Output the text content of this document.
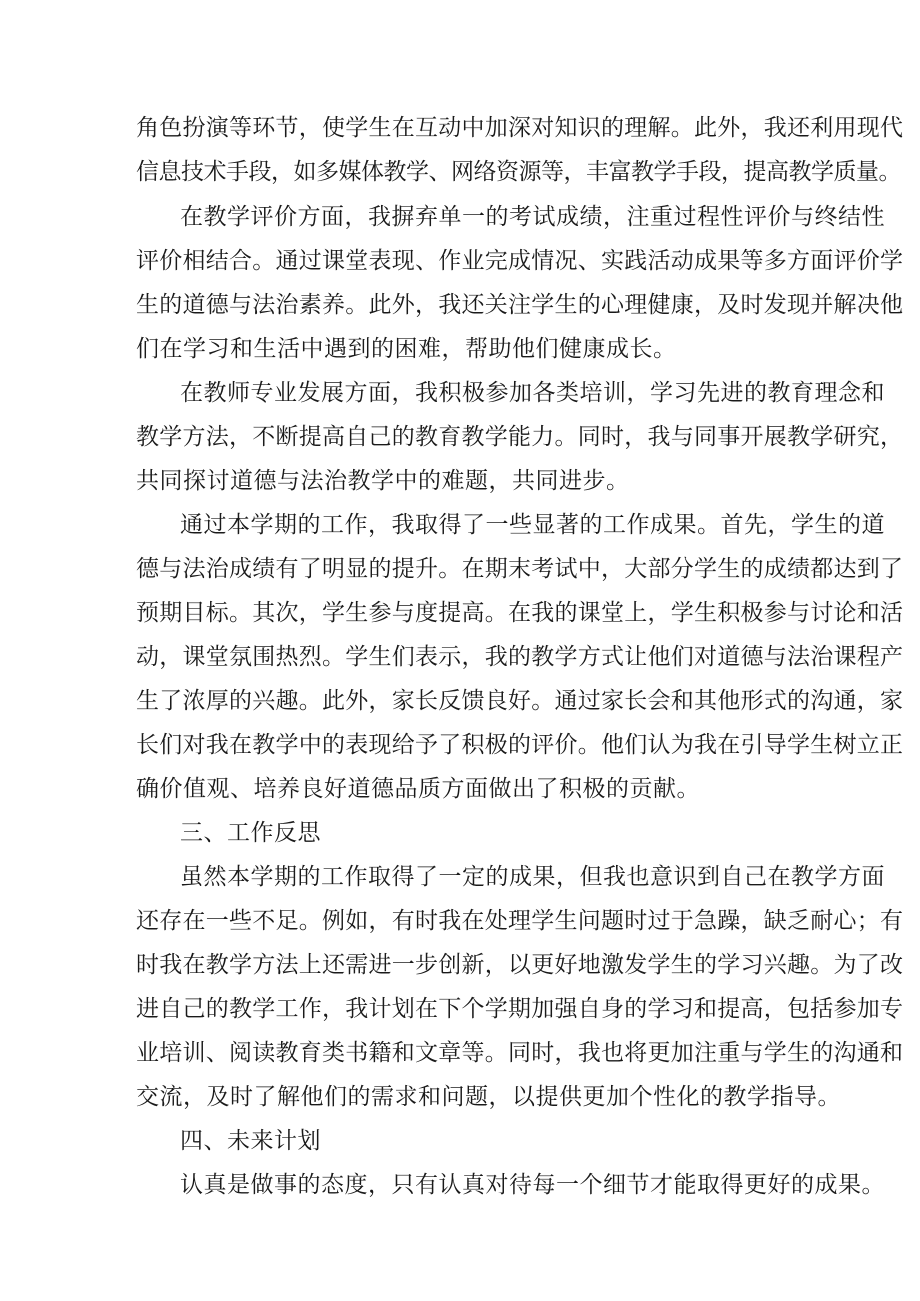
角色扮演等环节，使学生在互动中加深对知识的理解。此外，我还利用现代
信息技术手段，如多媒体教学、网络资源等，丰富教学手段，提高教学质量。
在教学评价方面，我摒弃单一的考试成绩，注重过程性评价与终结性
评价相结合。通过课堂表现、作业完成情况、实践活动成果等多方面评价学
生的道德与法治素养。此外，我还关注学生的心理健康，及时发现并解决他
们在学习和生活中遇到的困难，帮助他们健康成长。
在教师专业发展方面，我积极参加各类培训，学习先进的教育理念和
教学方法，不断提高自己的教育教学能力。同时，我与同事开展教学研究，
共同探讨道德与法治教学中的难题，共同进步。
通过本学期的工作，我取得了一些显著的工作成果。首先，学生的道
德与法治成绩有了明显的提升。在期末考试中，大部分学生的成绩都达到了
预期目标。其次，学生参与度提高。在我的课堂上，学生积极参与讨论和活
动，课堂氛围热烈。学生们表示，我的教学方式让他们对道德与法治课程产
生了浓厚的兴趣。此外，家长反馈良好。通过家长会和其他形式的沟通，家
长们对我在教学中的表现给予了积极的评价。他们认为我在引导学生树立正
确价值观、培养良好道德品质方面做出了积极的贡献。
三、工作反思
虽然本学期的工作取得了一定的成果，但我也意识到自己在教学方面
还存在一些不足。例如，有时我在处理学生问题时过于急躁，缺乏耐心；有
时我在教学方法上还需进一步创新，以更好地激发学生的学习兴趣。为了改
进自己的教学工作，我计划在下个学期加强自身的学习和提高，包括参加专
业培训、阅读教育类书籍和文章等。同时，我也将更加注重与学生的沟通和
交流，及时了解他们的需求和问题，以提供更加个性化的教学指导。
四、未来计划
认真是做事的态度，只有认真对待每一个细节才能取得更好的成果。
